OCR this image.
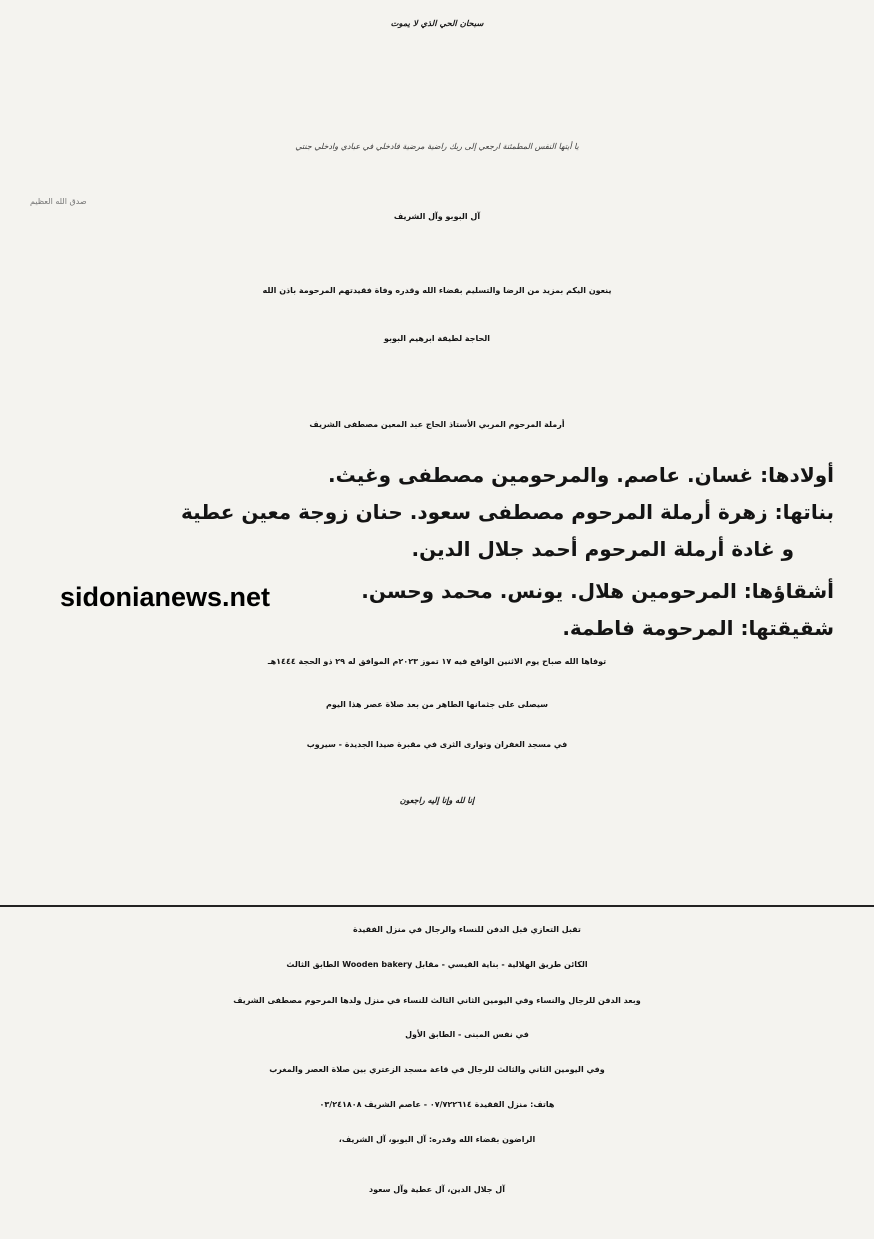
سبحان الحي الذي لا يموت
يا أيتها النفس المطمئنة ارجعي إلى ربك راضية مرضية فادخلي في عبادي وادخلي جنتي
صدق الله العظيم
آل البوبو وآل الشريف
ينعون اليكم بمزيد من الرضا والتسليم بقضاء الله وقدره وفاة فقيدتهم المرحومة باذن الله
الحاجة لطيفة ابرهيم البوبو
أرملة المرحوم المربي الأستاذ الحاج عبد المعين مصطفى الشريف
أولادها: غسان. عاصم. والمرحومين مصطفى وغيث.
بناتها: زهرة أرملة المرحوم مصطفى سعود. حنان زوجة معين عطية
و غادة أرملة المرحوم أحمد جلال الدين.
أشقاؤها: المرحومين هلال. يونس. محمد وحسن.
شقيقتها: المرحومة فاطمة.
sidonianews.net
توفاها الله صباح يوم الاثنين الواقع فيه ١٧ تموز ٢٠٢٣م الموافق له ٢٩ ذو الحجة ١٤٤٤هـ
سيصلى على جثمانها الطاهر من بعد صلاة عصر هذا اليوم
في مسجد الغفران وتوارى الثرى في مقبرة صيدا الجديدة - سيروب
إنا لله وإنا إليه راجعون
تقبل التعازي قبل الدفن للنساء والرجال في منزل الفقيدة
الكائن طريق الهلالية - بناية القيسي - مقابل Wooden bakery الطابق الثالث
وبعد الدفن للرجال والنساء وفي اليومين الثاني الثالث للنساء في منزل ولدها المرحوم مصطفى الشريف
في نفس المبنى - الطابق الأول
وفي اليومين الثاني والثالث للرجال في قاعة مسجد الزعتري بين صلاة العصر والمغرب
هاتف: منزل الفقيدة ٠٧/٧٢٢٦١٤ - عاصم الشريف ٠٣/٢٤١٨٠٨
الراضون بقضاء الله وقدره: آل البوبو، آل الشريف،
آل جلال الدين، آل عطية وآل سعود
